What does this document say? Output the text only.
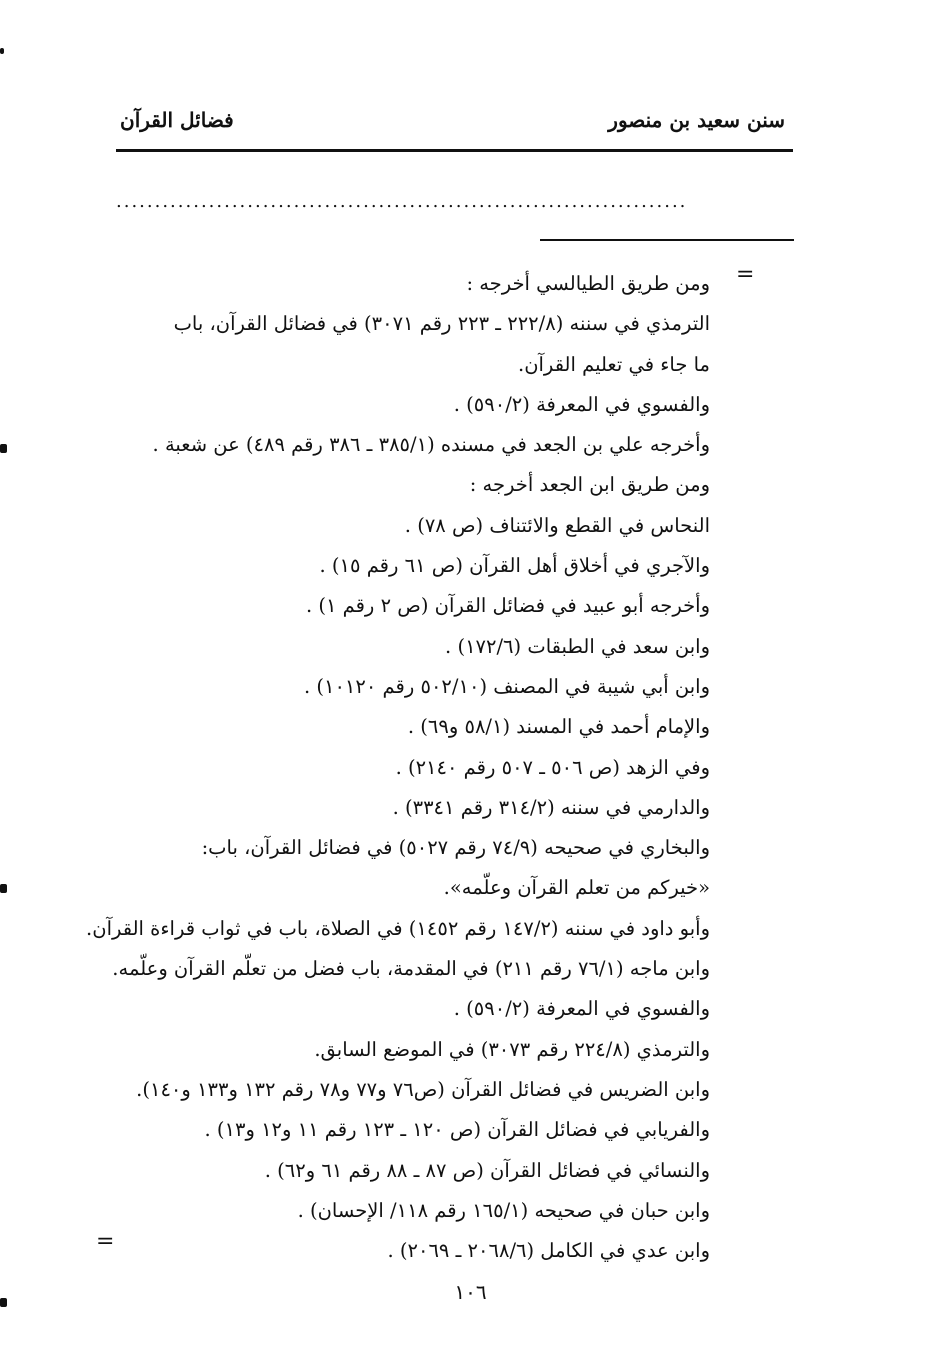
سنن سعيد بن منصور
فضائل القرآن
..........................................................................
=
=
ومن طريق الطيالسي أخرجه :
الترمذي في سننه (٢٢٢/٨ ـ ٢٢٣ رقم ٣٠٧١) في فضائل القرآن، باب
ما جاء في تعليم القرآن.
والفسوي في المعرفة (٥٩٠/٢) .
وأخرجه علي بن الجعد في مسنده (٣٨٥/١ ـ ٣٨٦ رقم ٤٨٩) عن شعبة .
ومن طريق ابن الجعد أخرجه :
النحاس في القطع والائتناف (ص ٧٨) .
والآجري في أخلاق أهل القرآن (ص ٦١ رقم ١٥) .
وأخرجه أبو عبيد في فضائل القرآن (ص ٢ رقم ١) .
وابن سعد في الطبقات (١٧٢/٦) .
وابن أبي شيبة في المصنف (٥٠٢/١٠ رقم ١٠١٢٠) .
والإمام أحمد في المسند (٥٨/١ و٦٩) .
وفي الزهد (ص ٥٠٦ ـ ٥٠٧ رقم ٢١٤٠) .
والدارمي في سننه (٣١٤/٢ رقم ٣٣٤١) .
والبخاري في صحيحه (٧٤/٩ رقم ٥٠٢٧) في فضائل القرآن، باب:
«خيركم من تعلم القرآن وعلّمه».
وأبو داود في سننه (١٤٧/٢ رقم ١٤٥٢) في الصلاة، باب في ثواب قراءة القرآن.
وابن ماجه (٧٦/١ رقم ٢١١) في المقدمة، باب فضل من تعلّم القرآن وعلّمه.
والفسوي في المعرفة (٥٩٠/٢) .
والترمذي (٢٢٤/٨ رقم ٣٠٧٣) في الموضع السابق.
وابن الضريس في فضائل القرآن (ص٧٦ و٧٧ و٧٨ رقم ١٣٢ و١٣٣ و١٤٠).
والفريابي في فضائل القرآن (ص ١٢٠ ـ ١٢٣ رقم ١١ و١٢ و١٣) .
والنسائي في فضائل القرآن (ص ٨٧ ـ ٨٨ رقم ٦١ و٦٢) .
وابن حبان في صحيحه (١٦٥/١ رقم ١١٨/ الإحسان) .
وابن عدي في الكامل (٢٠٦٨/٦ ـ ٢٠٦٩) .
١٠٦
